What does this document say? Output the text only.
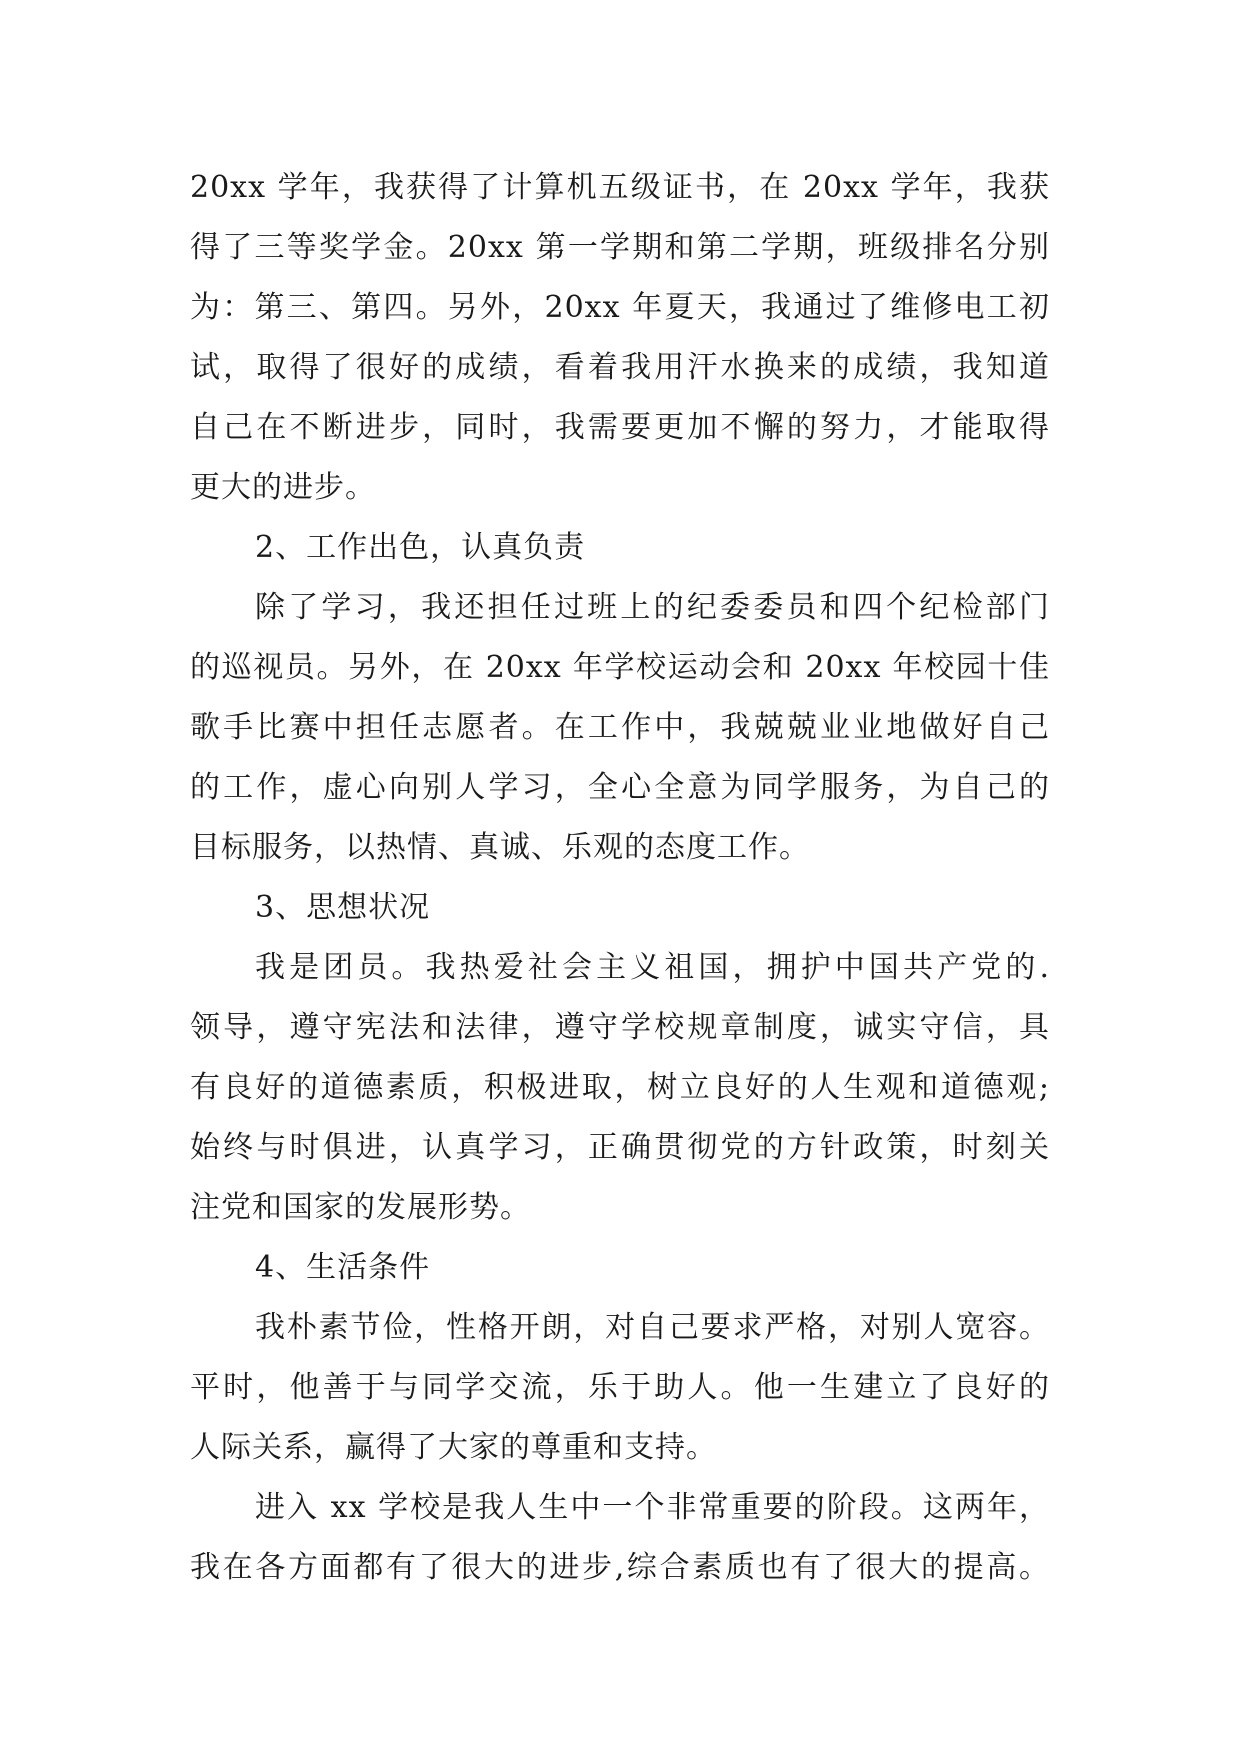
20xx 学年，我获得了计算机五级证书，在 20xx 学年，我获
得了三等奖学金。20xx 第一学期和第二学期，班级排名分别
为：第三、第四。另外，20xx 年夏天，我通过了维修电工初
试，取得了很好的成绩，看着我用汗水换来的成绩，我知道
自己在不断进步，同时，我需要更加不懈的努力，才能取得
更大的进步。
2、工作出色，认真负责
除了学习，我还担任过班上的纪委委员和四个纪检部门
的巡视员。另外，在 20xx 年学校运动会和 20xx 年校园十佳
歌手比赛中担任志愿者。在工作中，我兢兢业业地做好自己
的工作，虚心向别人学习，全心全意为同学服务，为自己的
目标服务，以热情、真诚、乐观的态度工作。
3、思想状况
我是团员。我热爱社会主义祖国，拥护中国共产党的.
领导，遵守宪法和法律，遵守学校规章制度，诚实守信，具
有良好的道德素质，积极进取，树立良好的人生观和道德观;
始终与时俱进，认真学习，正确贯彻党的方针政策，时刻关
注党和国家的发展形势。
4、生活条件
我朴素节俭，性格开朗，对自己要求严格，对别人宽容。
平时，他善于与同学交流，乐于助人。他一生建立了良好的
人际关系，赢得了大家的尊重和支持。
进入 xx 学校是我人生中一个非常重要的阶段。这两年，
我在各方面都有了很大的进步,综合素质也有了很大的提高。
